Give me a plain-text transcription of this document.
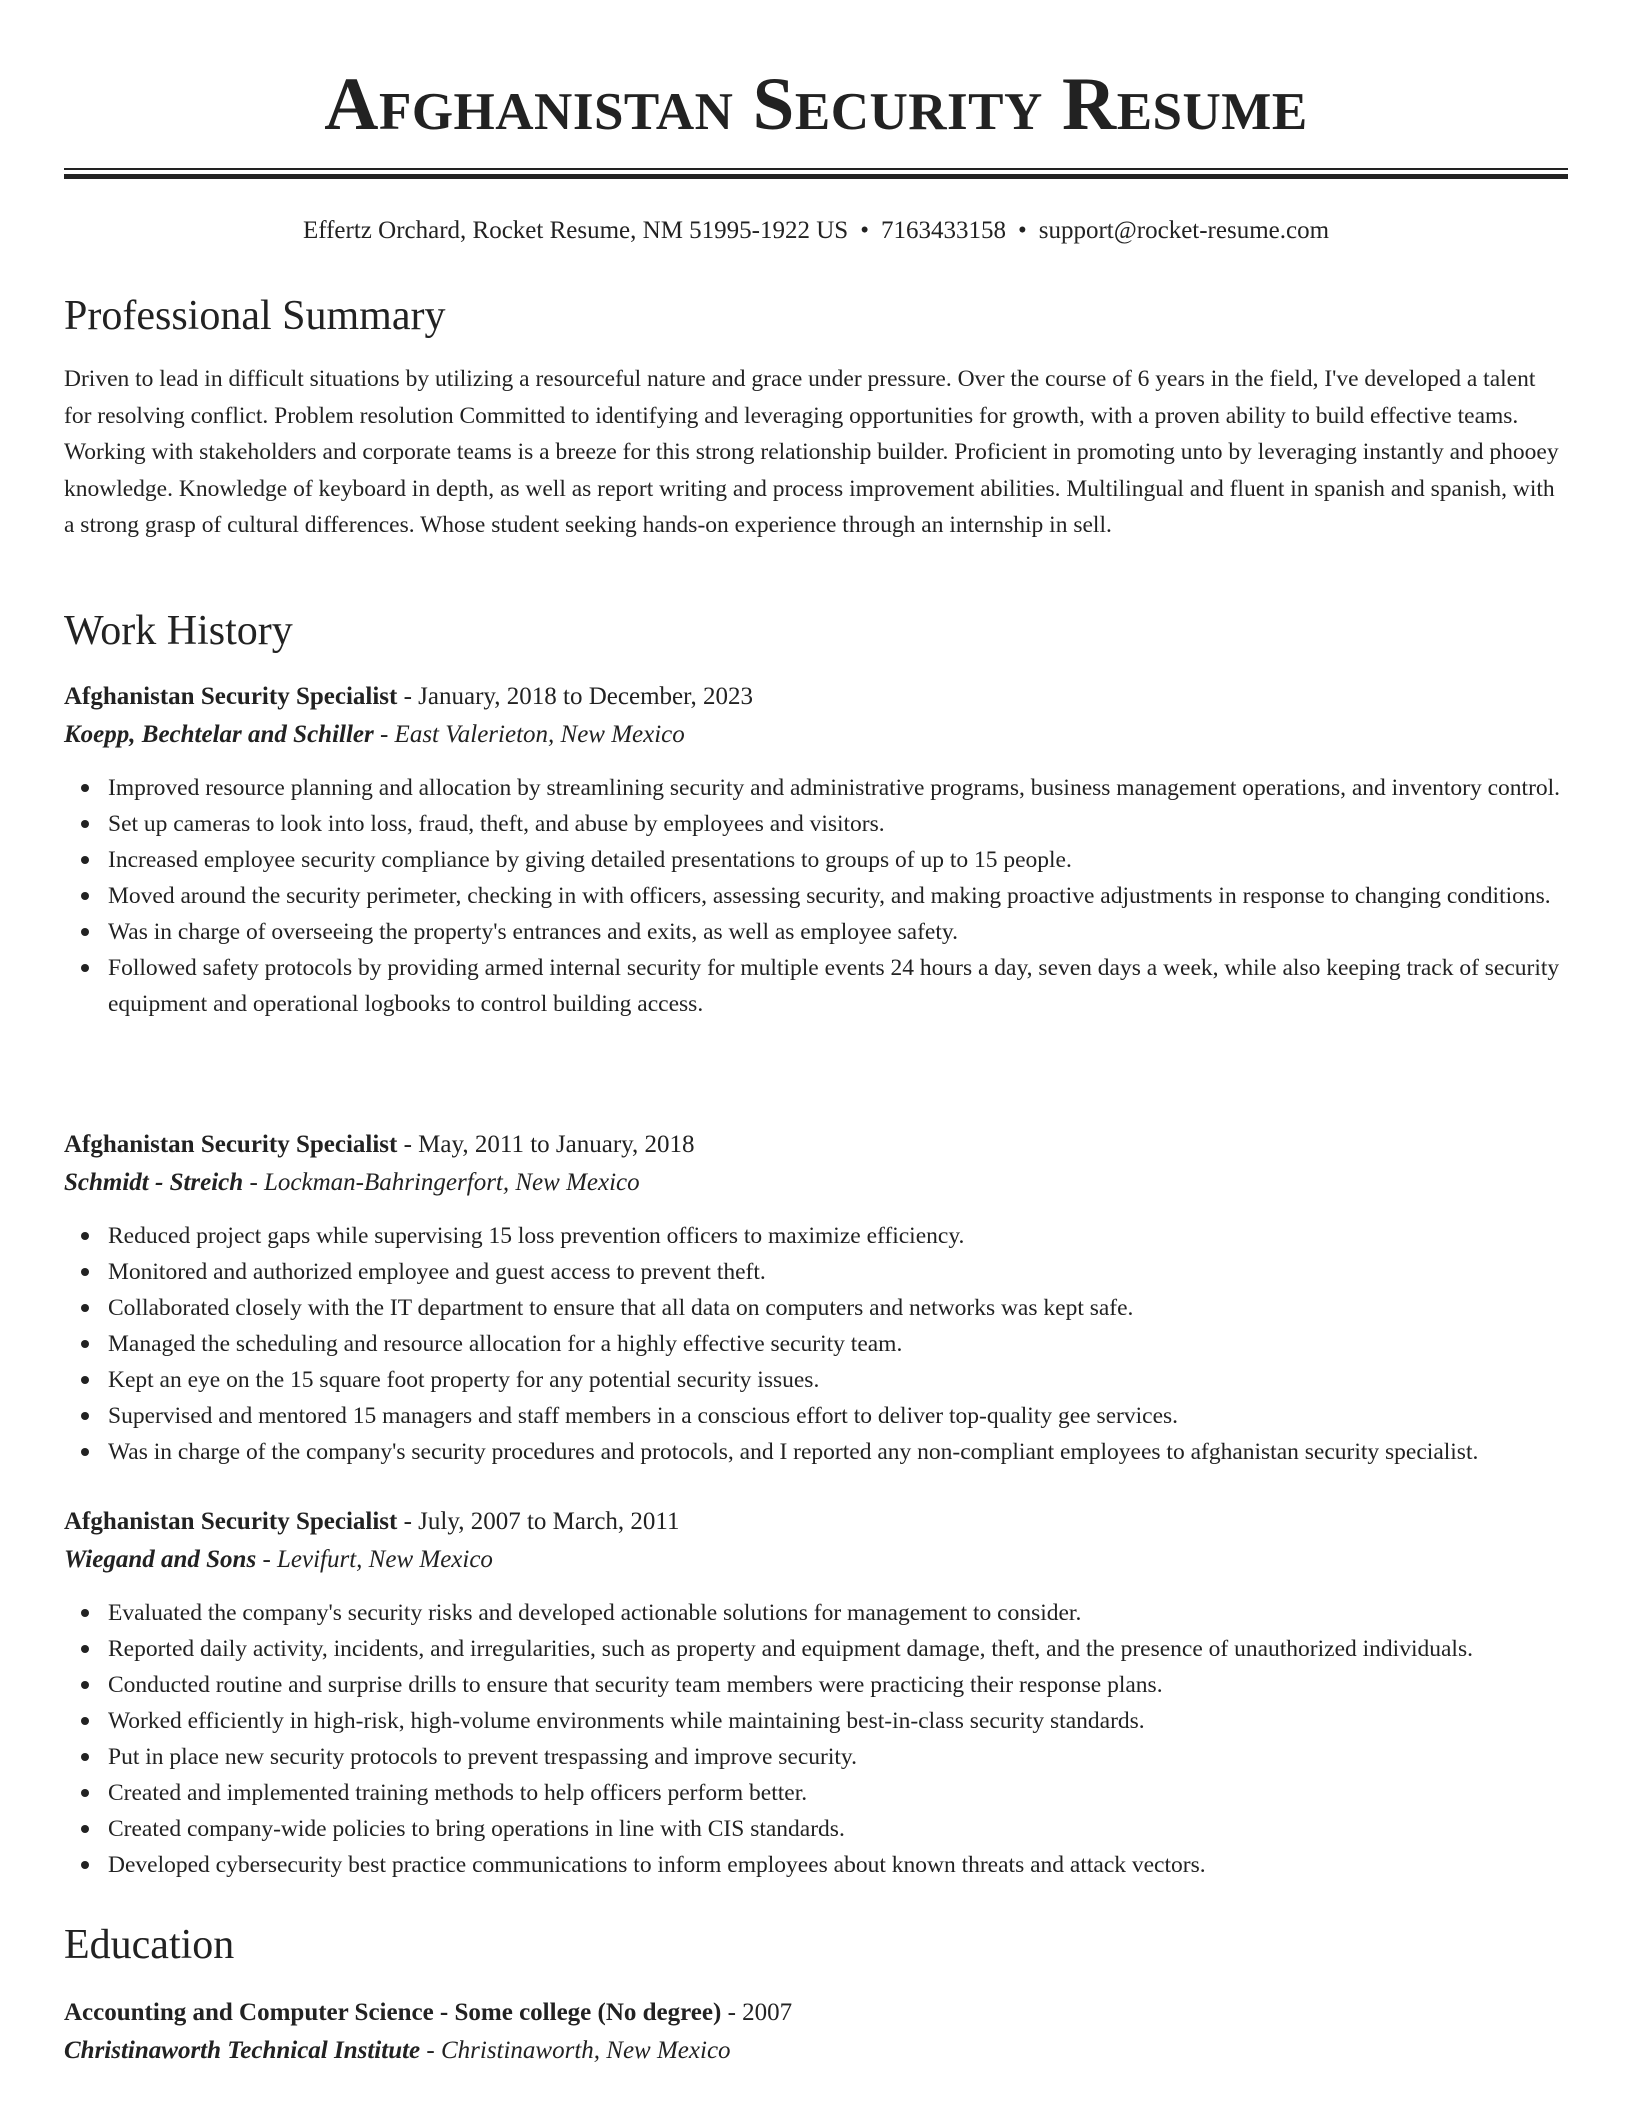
Afghanistan Security Resume
Effertz Orchard, Rocket Resume, NM 51995-1922 US • 7163433158 • support@rocket-resume.com
Professional Summary

Driven to lead in difficult situations by utilizing a resourceful nature and grace under pressure. Over the course of 6 years in the field, I've developed a talent for resolving conflict. Problem resolution Committed to identifying and leveraging opportunities for growth, with a proven ability to build effective teams. Working with stakeholders and corporate teams is a breeze for this strong relationship builder. Proficient in promoting unto by leveraging instantly and phooey knowledge. Knowledge of keyboard in depth, as well as report writing and process improvement abilities. Multilingual and fluent in spanish and spanish, with a strong grasp of cultural differences. Whose student seeking hands-on experience through an internship in sell.

Work History
Afghanistan Security Specialist - January, 2018 to December, 2023
Koepp, Bechtelar and Schiller - East Valerieton, New Mexico
Improved resource planning and allocation by streamlining security and administrative programs, business management operations, and inventory control.
Set up cameras to look into loss, fraud, theft, and abuse by employees and visitors.
Increased employee security compliance by giving detailed presentations to groups of up to 15 people.
Moved around the security perimeter, checking in with officers, assessing security, and making proactive adjustments in response to changing conditions.
Was in charge of overseeing the property's entrances and exits, as well as employee safety.
Followed safety protocols by providing armed internal security for multiple events 24 hours a day, seven days a week, while also keeping track of security equipment and operational logbooks to control building access.
Afghanistan Security Specialist - May, 2011 to January, 2018
Schmidt - Streich - Lockman-Bahringerfort, New Mexico
Reduced project gaps while supervising 15 loss prevention officers to maximize efficiency.
Monitored and authorized employee and guest access to prevent theft.
Collaborated closely with the IT department to ensure that all data on computers and networks was kept safe.
Managed the scheduling and resource allocation for a highly effective security team.
Kept an eye on the 15 square foot property for any potential security issues.
Supervised and mentored 15 managers and staff members in a conscious effort to deliver top-quality gee services.
Was in charge of the company's security procedures and protocols, and I reported any non-compliant employees to afghanistan security specialist.
Afghanistan Security Specialist - July, 2007 to March, 2011
Wiegand and Sons - Levifurt, New Mexico
Evaluated the company's security risks and developed actionable solutions for management to consider.
Reported daily activity, incidents, and irregularities, such as property and equipment damage, theft, and the presence of unauthorized individuals.
Conducted routine and surprise drills to ensure that security team members were practicing their response plans.
Worked efficiently in high-risk, high-volume environments while maintaining best-in-class security standards.
Put in place new security protocols to prevent trespassing and improve security.
Created and implemented training methods to help officers perform better.
Created company-wide policies to bring operations in line with CIS standards.
Developed cybersecurity best practice communications to inform employees about known threats and attack vectors.
Education
Accounting and Computer Science - Some college (No degree) - 2007
Christinaworth Technical Institute - Christinaworth, New Mexico
